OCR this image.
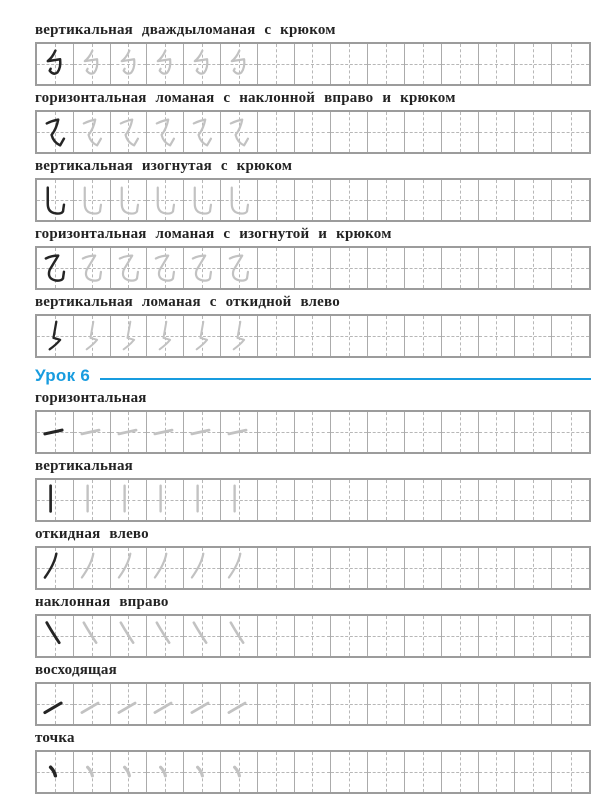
вертикальная дваждыломаная с крюком
горизонтальная ломаная с наклонной вправо и крюком
вертикальная изогнутая с крюком
горизонтальная ломаная с изогнутой и крюком
вертикальная ломаная с откидной влево
Урок 6
горизонтальная
вертикальная
откидная влево
наклонная вправо
восходящая
точка
